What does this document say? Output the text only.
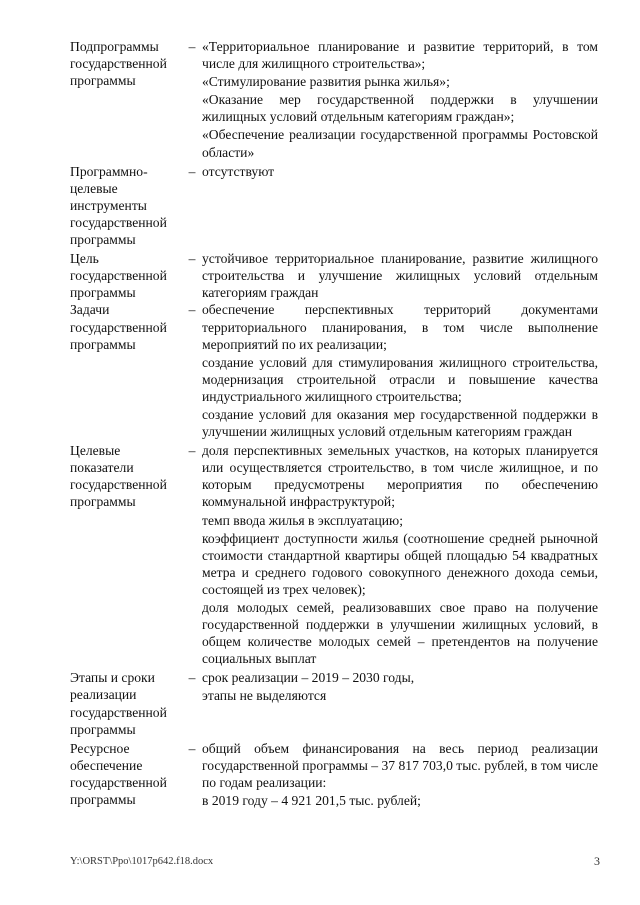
Подпрограммы государственной программы	–	«Территориальное планирование и развитие территорий, в том числе для жилищного строительства»;

«Стимулирование развития рынка жилья»;

«Оказание мер государственной поддержки в улучшении жилищных условий отдельным категориям граждан»;

«Обеспечение реализации государственной программы Ростовской области»

Программно-целевые инструменты государственной программы	–	отсутствуют

Цель государственной программы	–	устойчивое территориальное планирование, развитие жилищного строительства и улучшение жилищных условий отдельным категориям граждан

Задачи государственной программы	–	обеспечение перспективных территорий документами территориального планирования, в том числе выполнение мероприятий по их реализации;

создание условий для стимулирования жилищного строительства, модернизация строительной отрасли и повышение качества индустриального жилищного строительства;

создание условий для оказания мер государственной поддержки в улучшении жилищных условий отдельным категориям граждан

Целевые показатели государственной программы	–	доля перспективных земельных участков, на которых планируется или осуществляется строительство, в том числе жилищное, и по которым предусмотрены мероприятия по обеспечению коммунальной инфраструктурой;

темп ввода жилья в эксплуатацию;

коэффициент доступности жилья (соотношение средней рыночной стоимости стандартной квартиры общей площадью 54 квадратных метра и среднего годового совокупного денежного дохода семьи, состоящей из трех человек);

доля молодых семей, реализовавших свое право на получение государственной поддержки в улучшении жилищных условий, в общем количестве молодых семей – претендентов на получение социальных выплат

Этапы и сроки реализации государственной программы	–	срок реализации – 2019 – 2030 годы,

этапы не выделяются

Ресурсное обеспечение государственной программы	–	общий объем финансирования на весь период реализации государственной программы – 37 817 703,0 тыс. рублей, в том числе по годам реализации:

в 2019 году – 4 921 201,5 тыс. рублей;

Y:\ORST\Ppo\1017p642.f18.docx	3
